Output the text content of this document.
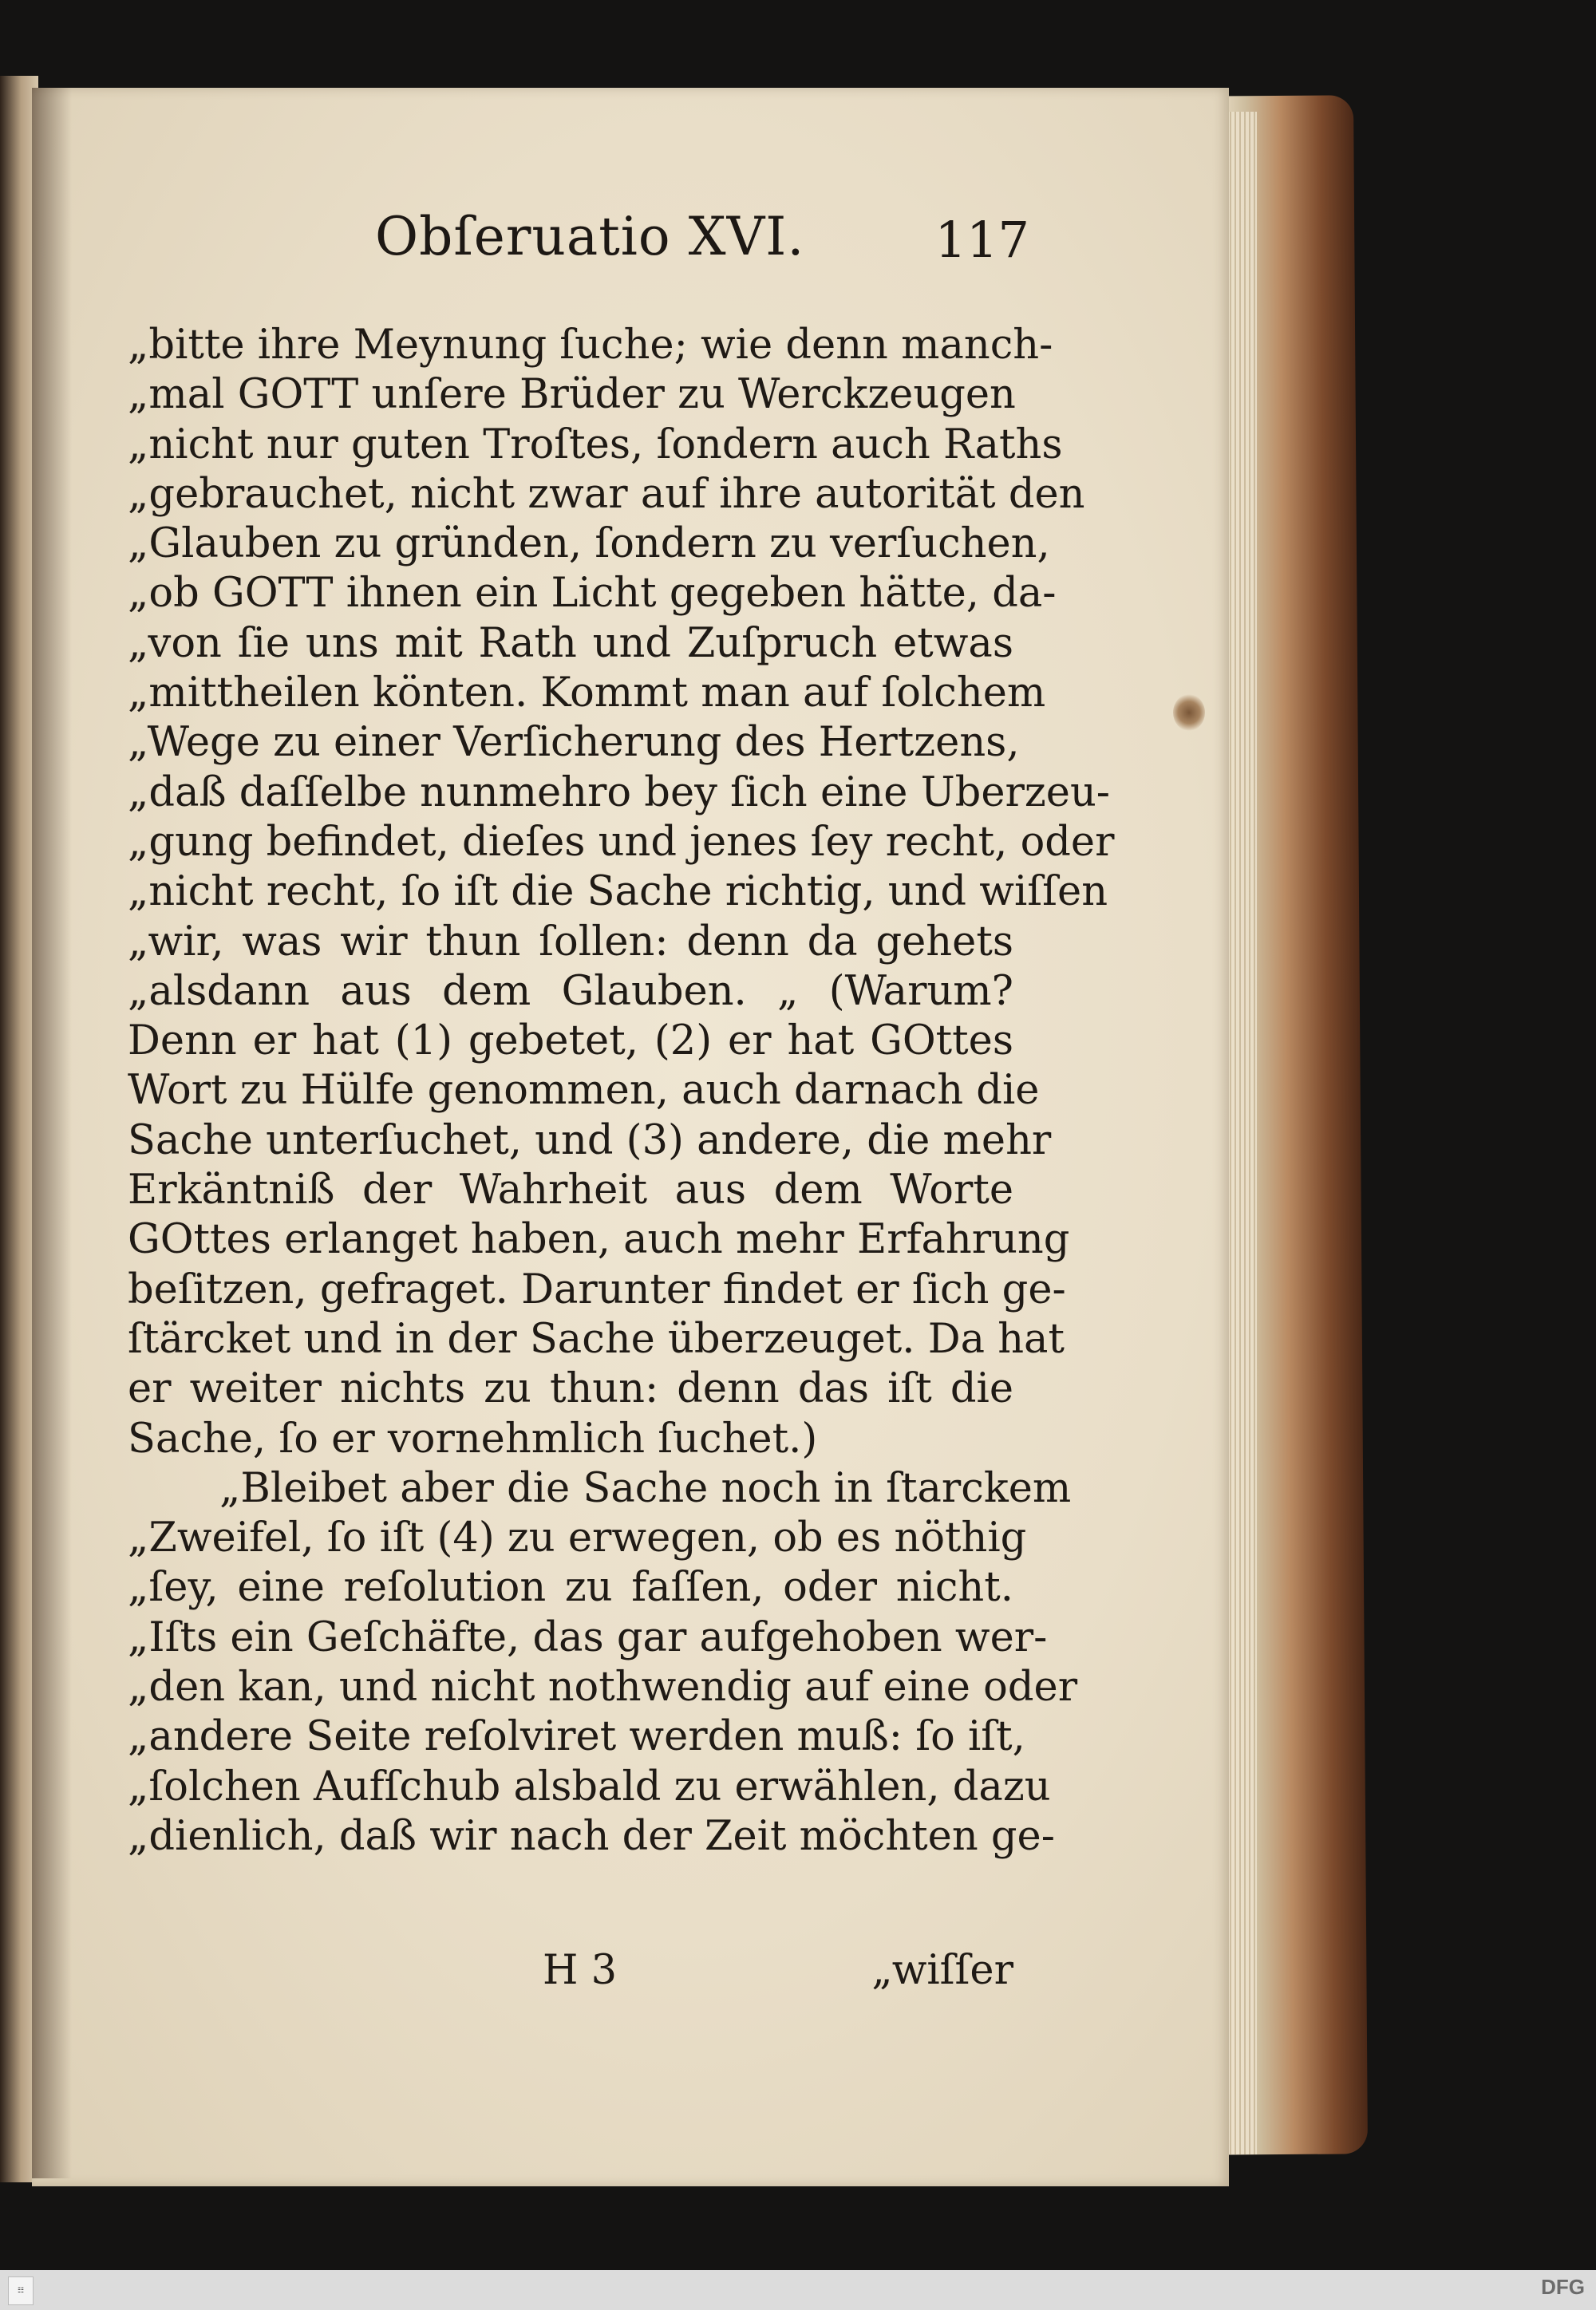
Obſeruatio XVI.	117
„bitte ihre Meynung ſuche; wie denn manch-
„mal GOTT unſere Brüder zu Werckzeugen
„nicht nur guten Troſtes, ſondern auch Raths
„gebrauchet, nicht zwar auf ihre autorität den
„Glauben zu gründen, ſondern zu verſuchen,
„ob GOTT ihnen ein Licht gegeben hätte, da-
„von ſie uns mit Rath und Zuſpruch etwas
„mittheilen könten. Kommt man auf ſolchem
„Wege zu einer Verſicherung des Hertzens,
„daß daſſelbe nunmehro bey ſich eine Uberzeu-
„gung befindet, dieſes und jenes ſey recht, oder
„nicht recht, ſo iſt die Sache richtig, und wiſſen
„wir, was wir thun ſollen: denn da gehets
„alsdann aus dem Glauben. „ (Warum?
Denn er hat (1) gebetet, (2) er hat GOttes
Wort zu Hülfe genommen, auch darnach die
Sache unterſuchet, und (3) andere, die mehr
Erkäntniß der Wahrheit aus dem Worte
GOttes erlanget haben, auch mehr Erfahrung
beſitzen, gefraget. Darunter findet er ſich ge-
ſtärcket und in der Sache überzeuget. Da hat
er weiter nichts zu thun: denn das iſt die
Sache, ſo er vornehmlich ſuchet.)
„Bleibet aber die Sache noch in ſtarckem
„Zweifel, ſo iſt (4) zu erwegen, ob es nöthig
„ſey, eine reſolution zu faſſen, oder nicht.
„Iſts ein Geſchäfte, das gar aufgehoben wer-
„den kan, und nicht nothwendig auf eine oder
„andere Seite reſolviret werden muß: ſo iſt,
„ſolchen Aufſchub alsbald zu erwählen, dazu
„dienlich, daß wir nach der Zeit möchten ge-
H 3	„wiſſer
☷	DFG
